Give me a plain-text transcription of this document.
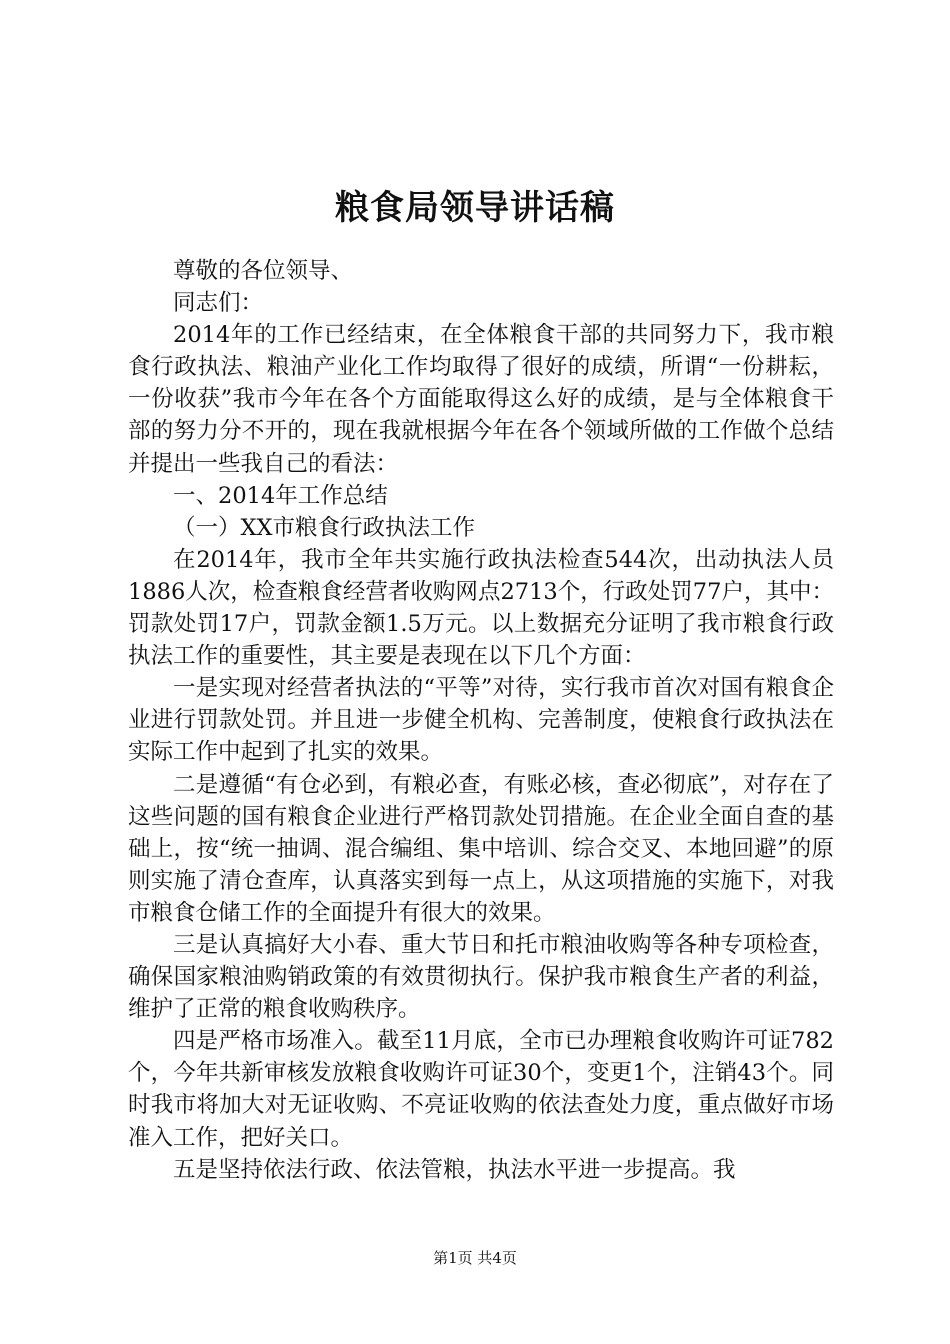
粮食局领导讲话稿

尊敬的各位领导、

同志们：

2014年的工作已经结束，在全体粮食干部的共同努力下，我市粮食行政执法、粮油产业化工作均取得了很好的成绩，所谓“一份耕耘，一份收获”我市今年在各个方面能取得这么好的成绩，是与全体粮食干部的努力分不开的，现在我就根据今年在各个领域所做的工作做个总结并提出一些我自己的看法：

一、2014年工作总结

（一）XX市粮食行政执法工作

在2014年，我市全年共实施行政执法检查544次，出动执法人员1886人次，检查粮食经营者收购网点2713个，行政处罚77户，其中：罚款处罚17户，罚款金额1.5万元。以上数据充分证明了我市粮食行政执法工作的重要性，其主要是表现在以下几个方面：

一是实现对经营者执法的“平等”对待，实行我市首次对国有粮食企业进行罚款处罚。并且进一步健全机构、完善制度，使粮食行政执法在实际工作中起到了扎实的效果。

二是遵循“有仓必到，有粮必查，有账必核，查必彻底”，对存在了这些问题的国有粮食企业进行严格罚款处罚措施。在企业全面自查的基础上，按“统一抽调、混合编组、集中培训、综合交叉、本地回避”的原则实施了清仓查库，认真落实到每一点上，从这项措施的实施下，对我市粮食仓储工作的全面提升有很大的效果。

三是认真搞好大小春、重大节日和托市粮油收购等各种专项检查，确保国家粮油购销政策的有效贯彻执行。保护我市粮食生产者的利益，维护了正常的粮食收购秩序。

四是严格市场准入。截至11月底，全市已办理粮食收购许可证782个，今年共新审核发放粮食收购许可证30个，变更1个，注销43个。同时我市将加大对无证收购、不亮证收购的依法查处力度，重点做好市场准入工作，把好关口。

五是坚持依法行政、依法管粮，执法水平进一步提高。我

第1页 共4页
